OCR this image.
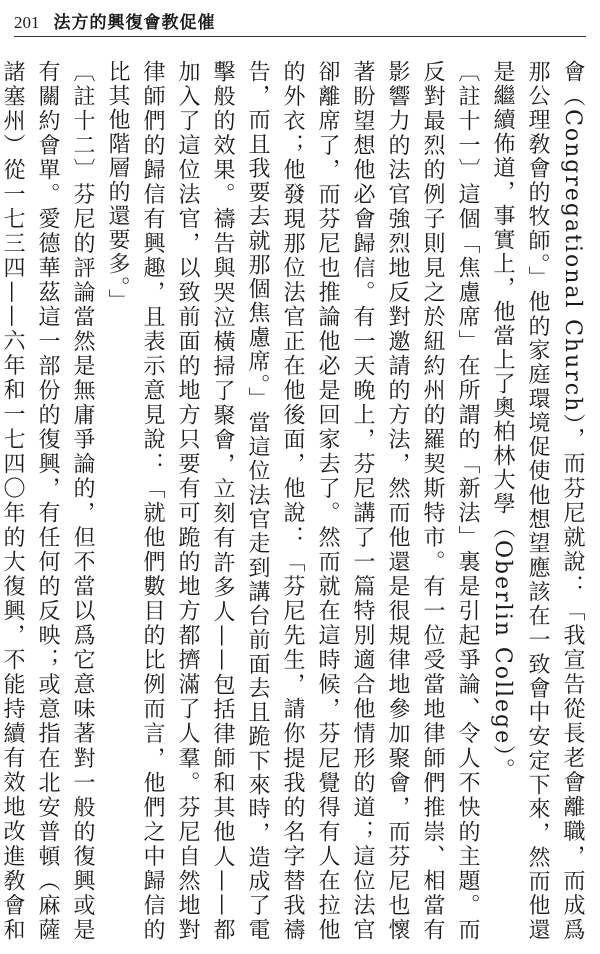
201 法方的興復會教促催

會（Congregational Church），而芬尼就說：「我宣告從長老會離職，而成爲那公理敎會的牧師。」他的家庭環境促使他想望應該在一致會中安定下來，然而他還是繼續佈道，事實上，他當上了奧柏林大學（Oberlin College）。

〔註十一〕這個「焦慮席」在所謂的「新法」裏是引起爭論、令人不快的主題。而反對最烈的例子則見之於紐約州的羅契斯特市。有一位受當地律師們推崇、相當有影響力的法官強烈地反對邀請的方法，然而他還是很規律地參加聚會，而芬尼也懷著盼望想他必會歸信。有一天晚上，芬尼講了一篇特別適合他情形的道；這位法官卻離席了，而芬尼也推論他必是回家去了。然而就在這時候，芬尼覺得有人在拉他的外衣；他發現那位法官正在他後面，他說：「芬尼先生，請你提我的名字替我禱告，而且我要去就那個焦慮席。」當這位法官走到講台前面去且跪下來時，造成了電擊般的效果。禱告與哭泣橫掃了聚會，立刻有許多人——包括律師和其他人——都加入了這位法官，以致前面的地方只要有可跪的地方都擠滿了人羣。芬尼自然地對律師們的歸信有興趣，且表示意見說：「就他們數目的比例而言，他們之中歸信的比其他階層的還要多。」

〔註十二〕芬尼的評論當然是無庸爭論的，但不當以爲它意味著對一般的復興或是有關約會單。愛德華茲這一部份的復興，有任何的反映；或意指在北安普頓（麻薩諸塞州）從一七三四——六年和一七四〇年的大復興，不能持續有效地改進敎會和
